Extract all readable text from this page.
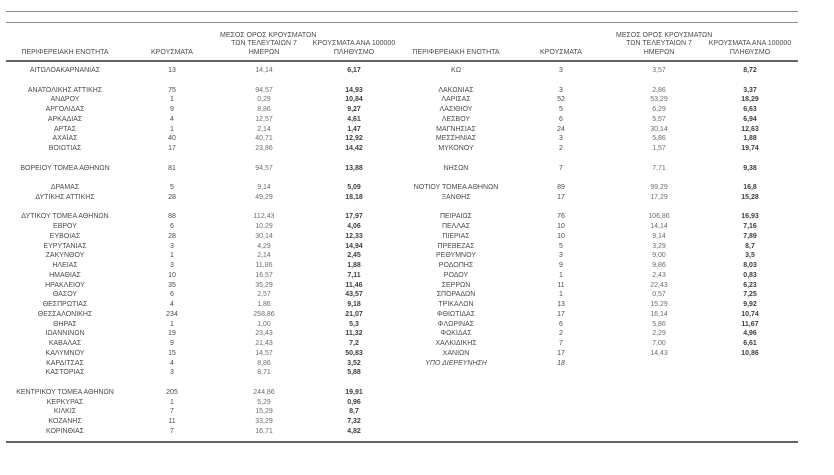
ΠΕΡΙΦΕΡΕΙΑΚΗ ΕΝΟΤΗΤΑ	ΚΡΟΥΣΜΑΤΑ
ΜΕΣΟΣ ΟΡΟΣ ΚΡΟΥΣΜΑΤΩΝ
ΤΩΝ ΤΕΛΕΥΤΑΙΩΝ 7
ΗΜΕΡΩΝ
ΚΡΟΥΣΜΑΤΑ ΑΝΑ 100000
ΠΛΗΘΥΣΜΟ
ΑΙΤΩΛΟΑΚΑΡΝΑΝΙΑΣ	13	14,14	6,17
ΑΝΑΤΟΛΙΚΗΣ ΑΤΤΙΚΗΣ	75	94,57	14,93
ΑΝΔΡΟΥ	1	0,29	10,84
ΑΡΓΟΛΙΔΑΣ	9	8,86	9,27
ΑΡΚΑΔΙΑΣ	4	12,57	4,61
ΑΡΤΑΣ	1	2,14	1,47
ΑΧΑΪΑΣ	40	40,71	12,92
ΒΟΙΩΤΙΑΣ	17	23,86	14,42
ΒΟΡΕΙΟΥ ΤΟΜΕΑ ΑΘΗΝΩΝ	81	94,57	13,88
ΔΡΑΜΑΣ	5	9,14	5,09
ΔΥΤΙΚΗΣ ΑΤΤΙΚΗΣ	28	49,29	18,18
ΔΥΤΙΚΟΥ ΤΟΜΕΑ ΑΘΗΝΩΝ	88	112,43	17,97
ΕΒΡΟΥ	6	10,29	4,06
ΕΥΒΟΙΑΣ	28	30,14	12,33
ΕΥΡΥΤΑΝΙΑΣ	3	4,29	14,94
ΖΑΚΥΝΘΟΥ	1	2,14	2,45
ΗΛΕΙΑΣ	3	11,86	1,88
ΗΜΑΘΙΑΣ	10	16,57	7,11
ΗΡΑΚΛΕΙΟΥ	35	35,29	11,46
ΘΑΣΟΥ	6	2,57	43,57
ΘΕΣΠΡΩΤΙΑΣ	4	1,86	9,18
ΘΕΣΣΑΛΟΝΙΚΗΣ	234	258,86	21,07
ΘΗΡΑΣ	1	1,00	5,3
ΙΩΑΝΝΙΝΩΝ	19	23,43	11,32
ΚΑΒΑΛΑΣ	9	21,43	7,2
ΚΑΛΥΜΝΟΥ	15	14,57	50,83
ΚΑΡΔΙΤΣΑΣ	4	8,86	3,52
ΚΑΣΤΟΡΙΑΣ	3	8,71	5,88
ΚΕΝΤΡΙΚΟΥ ΤΟΜΕΑ ΑΘΗΝΩΝ	205	244,86	19,91
ΚΕΡΚΥΡΑΣ	1	5,29	0,96
ΚΙΛΚΙΣ	7	15,29	8,7
ΚΟΖΑΝΗΣ	11	33,29	7,32
ΚΟΡΙΝΘΙΑΣ	7	16,71	4,82
ΠΕΡΙΦΕΡΕΙΑΚΗ ΕΝΟΤΗΤΑ	ΚΡΟΥΣΜΑΤΑ
ΜΕΣΟΣ ΟΡΟΣ ΚΡΟΥΣΜΑΤΩΝ
ΤΩΝ ΤΕΛΕΥΤΑΙΩΝ 7
ΗΜΕΡΩΝ
ΚΡΟΥΣΜΑΤΑ ΑΝΑ 100000
ΠΛΗΘΥΣΜΟ
ΚΩ	3	3,57	8,72
ΛΑΚΩΝΙΑΣ	3	2,86	3,37
ΛΑΡΙΣΑΣ	52	53,29	18,29
ΛΑΣΙΘΙΟΥ	5	6,29	6,63
ΛΕΣΒΟΥ	6	5,57	6,94
ΜΑΓΝΗΣΙΑΣ	24	30,14	12,63
ΜΕΣΣΗΝΙΑΣ	3	5,86	1,88
ΜΥΚΟΝΟΥ	2	1,57	19,74
ΝΗΣΩΝ	7	7,71	9,38
ΝΟΤΙΟΥ ΤΟΜΕΑ ΑΘΗΝΩΝ	89	99,29	16,8
ΞΑΝΘΗΣ	17	17,29	15,28
ΠΕΙΡΑΙΩΣ	76	106,86	16,93
ΠΕΛΛΑΣ	10	14,14	7,16
ΠΙΕΡΙΑΣ	10	9,14	7,89
ΠΡΕΒΕΖΑΣ	5	3,29	8,7
ΡΕΘΥΜΝΟΥ	3	9,00	3,5
ΡΟΔΟΠΗΣ	9	9,86	8,03
ΡΟΔΟΥ	1	2,43	0,83
ΣΕΡΡΩΝ	11	22,43	6,23
ΣΠΟΡΑΔΩΝ	1	0,57	7,25
ΤΡΙΚΑΛΩΝ	13	15,29	9,92
ΦΘΙΩΤΙΔΑΣ	17	16,14	10,74
ΦΛΩΡΙΝΑΣ	6	5,86	11,67
ΦΩΚΙΔΑΣ	2	2,29	4,96
ΧΑΛΚΙΔΙΚΗΣ	7	7,00	6,61
ΧΑΝΙΩΝ	17	14,43	10,86
ΥΠΟ ΔΙΕΡΕΥΝΗΣΗ	18
